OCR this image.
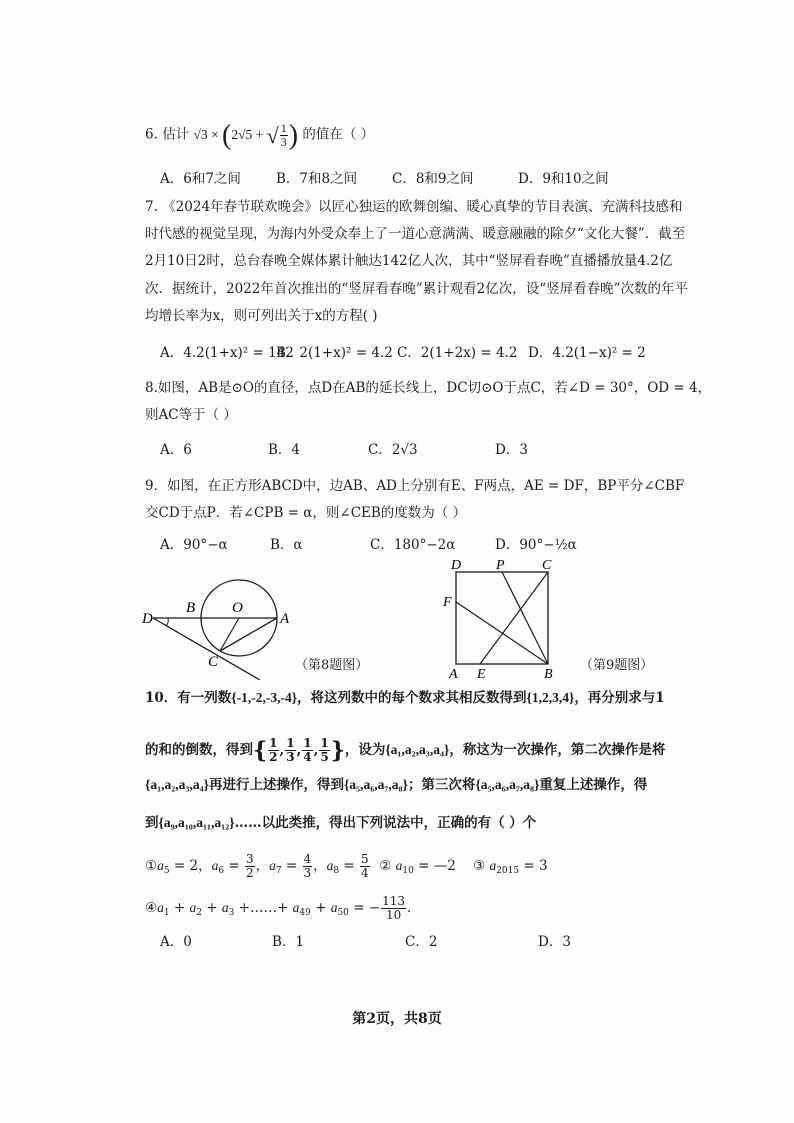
6. 估计 √3 × (2√5 + √ $\frac{1}{3}$ ) 的值在（ ）
A．6和7之间	B．7和8之间	C．8和9之间	D．9和10之间
7. 《2024年春节联欢晚会》以匠心独运的欧舞创编、暖心真挚的节目表演、充满科技感和
时代感的视觉呈现，为海内外受众奉上了一道心意满满、暖意融融的除夕“文化大餐”．截至
2月10日2时，总台春晚全媒体累计触达142亿人次，其中“竖屏看春晚”直播播放量4.2亿
次．据统计，2022年首次推出的“竖屏看春晚”累计观看2亿次，设“竖屏看春晚”次数的年平
均增长率为x，则可列出关于x的方程( )
A．4.2(1+x)² = 142
B．2(1+x)² = 4.2 C．2(1+2x) = 4.2 D．4.2(1−x)² = 2
8.如图，AB是⊙O的直径，点D在AB的延长线上，DC切⊙O于点C，若∠D = 30°，OD = 4，
则AC等于（ ）
A．6	B．4	C．2√3	D．3
9．如图，在正方形ABCD中，边AB、AD上分别有E、F两点，AE = DF，BP平分∠CBF
交CD于点P．若∠CPB = α，则∠CEB的度数为（ ）
A．90°−α	B．α	C．180°−2α	D．90°−½α
D
B O
A
C	（第8题图）
D P	C
F
A E	B
（第9题图）
10．有一列数{-1,-2,-3,-4}，将这列数中的每个数求其相反数得到{1,2,3,4}，再分别求与1
的和的倒数，得到{ $\frac{1}{2}$ , $\frac{1}{3}$ , $\frac{1}{4}$ , $\frac{1}{5}$ }，设为{a₁,a₂,a₃,a₄}，称这为一次操作，第二次操作是将
{a₁,a₂,a₃,a₄}再进行上述操作，得到{a₅,a₆,a₇,a₈}；第三次将{a₅,a₆,a₇,a₈}重复上述操作，得
到{a₉,a₁₀,a₁₁,a₁₂}……以此类推，得出下列说法中，正确的有（ ）个
$①a_5 = 2$，$a_6 = \frac{3}{2}$ ，$a_7 = \frac{4}{3}$ ，$a_8 = \frac{5}{4}$ ② $a_{10}$ = —2    ③ $a_{2015} = 3$
$④a_1 + a_2 + a_3$ +……+ $a_{49} + a_{50}$ = − $\frac{113}{10}$ ．
A．0	B．1	C．2	D．3
第2页，共8页
